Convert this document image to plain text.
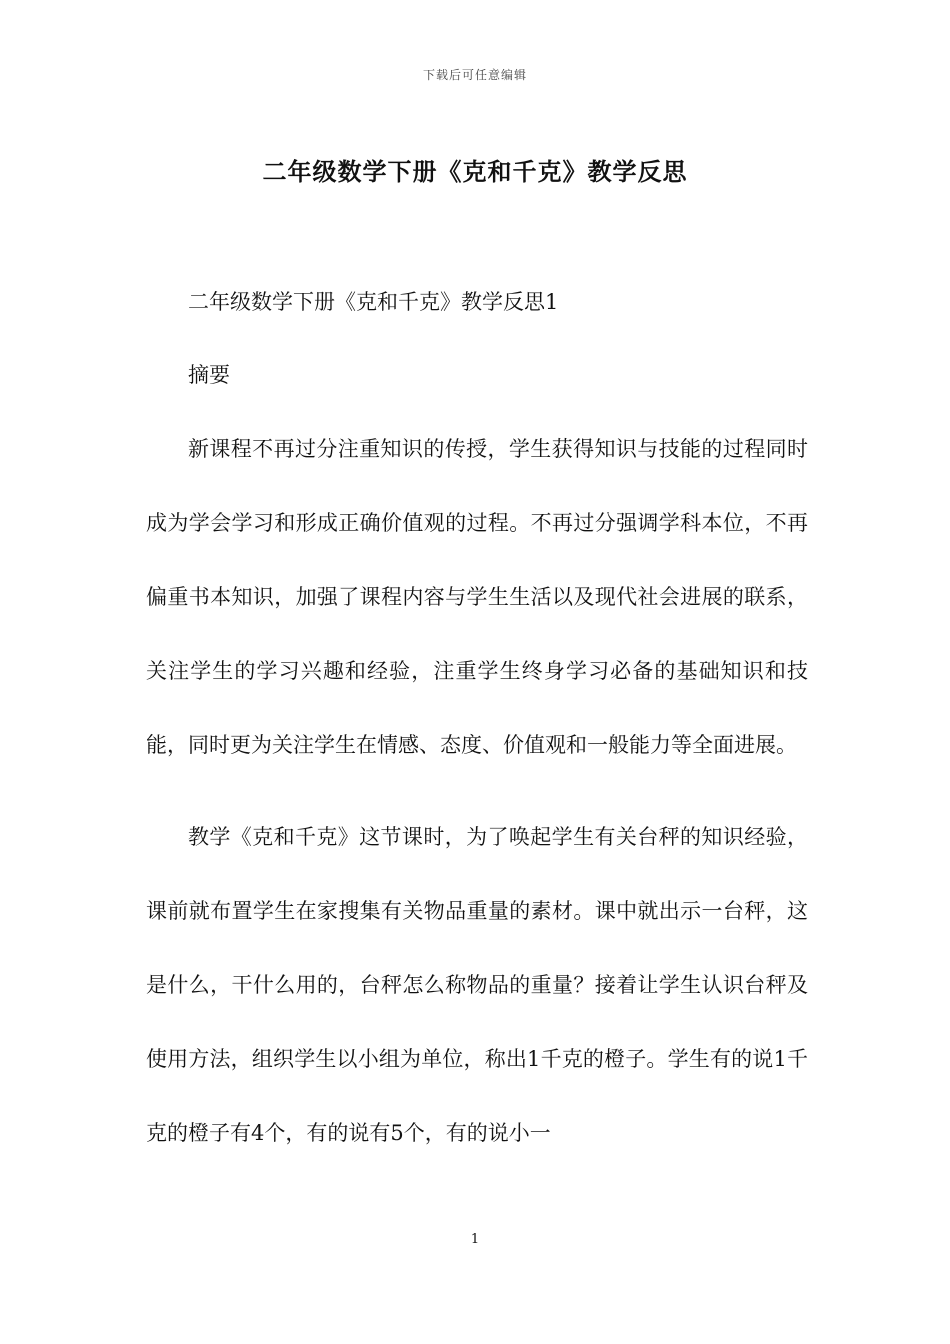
下载后可任意编辑
二年级数学下册《克和千克》教学反思

二年级数学下册《克和千克》教学反思1

摘要

新课程不再过分注重知识的传授，学生获得知识与技能的过程同时成为学会学习和形成正确价值观的过程。不再过分强调学科本位，不再偏重书本知识，加强了课程内容与学生生活以及现代社会进展的联系，关注学生的学习兴趣和经验，注重学生终身学习必备的基础知识和技能，同时更为关注学生在情感、态度、价值观和一般能力等全面进展。

教学《克和千克》这节课时，为了唤起学生有关台秤的知识经验，课前就布置学生在家搜集有关物品重量的素材。课中就出示一台秤，这是什么，干什么用的，台秤怎么称物品的重量？接着让学生认识台秤及使用方法，组织学生以小组为单位，称出1千克的橙子。学生有的说1千克的橙子有4个，有的说有5个，有的说小一

1
